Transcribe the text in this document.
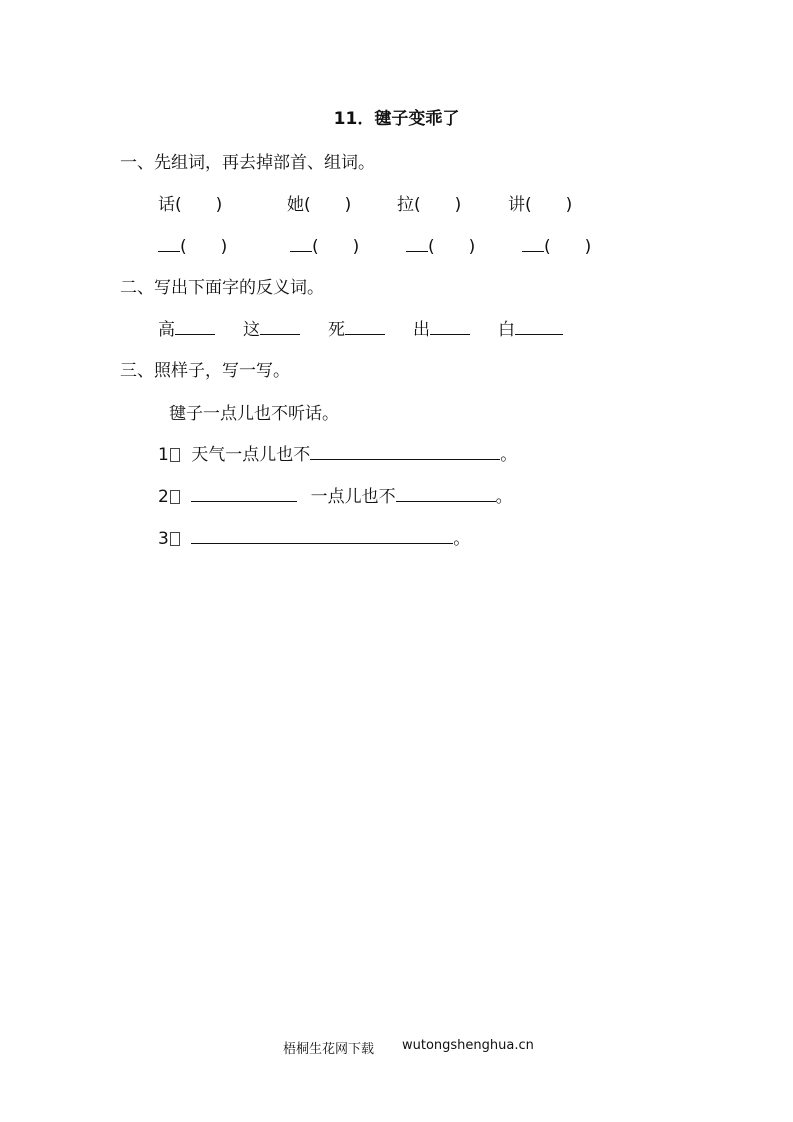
11．毽子变乖了
一、先组词，再去掉部首、组词。
话(　　)	她(　　)	拉(　　)	讲(　　)
(　　)	(　　)	(　　)	(　　)
二、写出下面字的反义词。
高	这	死	出	白
三、照样子，写一写。
毽子一点儿也不听话。
1 天气一点儿也不	。
2	一点儿也不	。
3	。
梧桐生花网下载 wutongshenghua.cn
